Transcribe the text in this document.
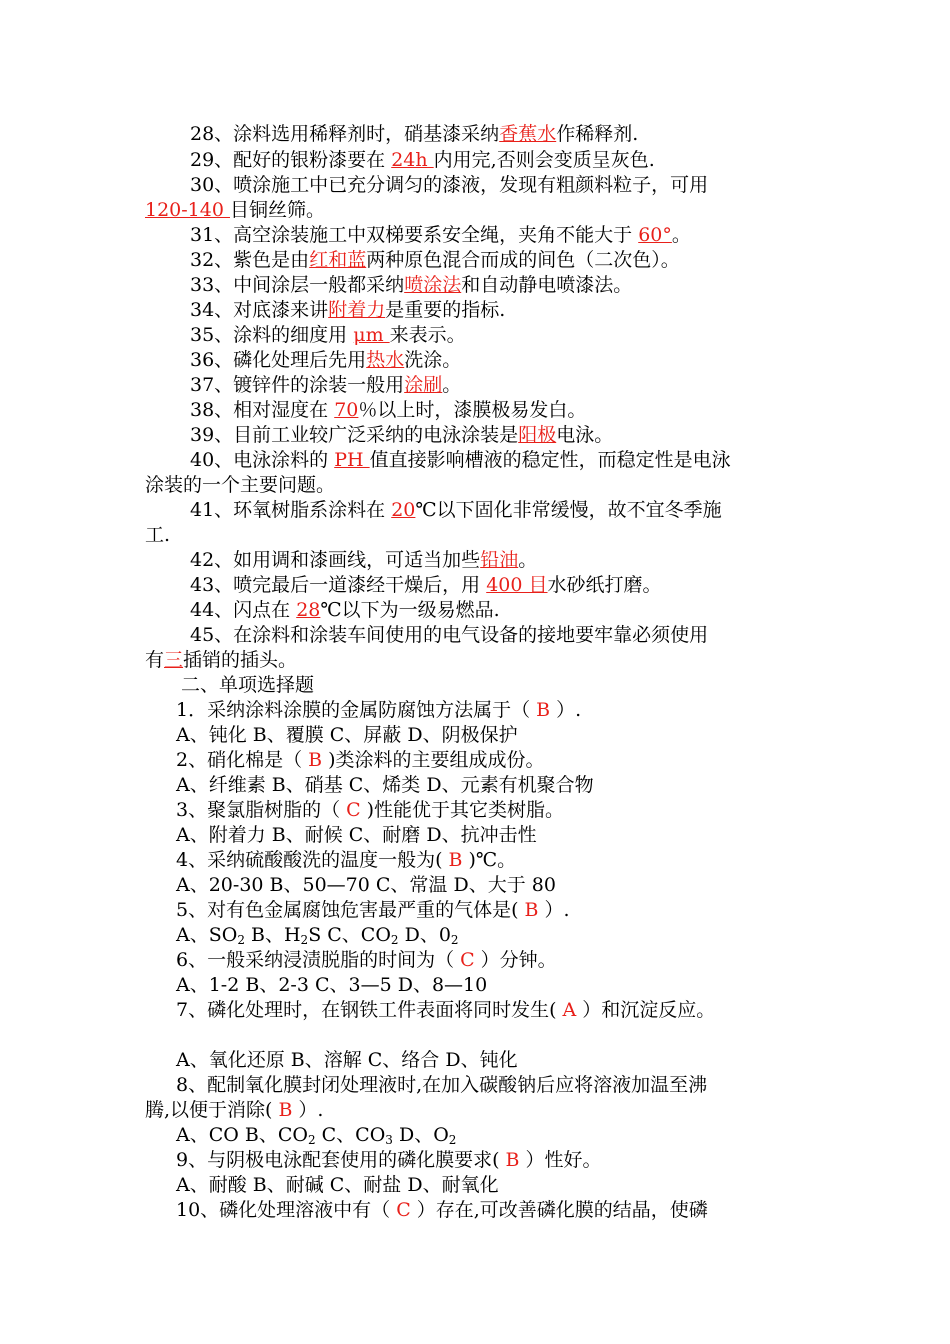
28、涂料选用稀释剂时，硝基漆采纳香蕉水作稀释剂.
29、配好的银粉漆要在 24h 内用完,否则会变质呈灰色.
30、喷涂施工中已充分调匀的漆液，发现有粗颜料粒子，可用
120-140 目铜丝筛。
31、高空涂装施工中双梯要系安全绳，夹角不能大于 60°。
32、紫色是由红和蓝两种原色混合而成的间色（二次色）。
33、中间涂层一般都采纳喷涂法和自动静电喷漆法。
34、对底漆来讲附着力是重要的指标.
35、涂料的细度用 μm 来表示。
36、磷化处理后先用热水洗涂。
37、镀锌件的涂装一般用涂刷。
38、相对湿度在 70％以上时，漆膜极易发白。
39、目前工业较广泛采纳的电泳涂装是阳极电泳。
40、电泳涂料的 PH 值直接影响槽液的稳定性，而稳定性是电泳
涂装的一个主要问题。
41、环氧树脂系涂料在 20℃以下固化非常缓慢，故不宜冬季施
工.
42、如用调和漆画线，可适当加些铅油。
43、喷完最后一道漆经干燥后，用 400 目水砂纸打磨。
44、闪点在 28℃以下为一级易燃品.
45、在涂料和涂装车间使用的电气设备的接地要牢靠必须使用
有三插销的插头。
二、单项选择题
1．采纳涂料涂膜的金属防腐蚀方法属于（ B ）.
A、钝化 B、覆膜 C、屏蔽 D、阴极保护
2、硝化棉是（ B )类涂料的主要组成成份。
A、纤维素 B、硝基 C、烯类 D、元素有机聚合物
3、聚氯脂树脂的（ C )性能优于其它类树脂。
A、附着力 B、耐候 C、耐磨 D、抗冲击性
4、采纳硫酸酸洗的温度一般为( B )℃。
A、20-30 B、50—70 C、常温 D、大于 80
5、对有色金属腐蚀危害最严重的气体是( B ）.
A、$SO_2$ B、$H_2S$ C、$CO_2$ D、$0_2$
6、一般采纳浸渍脱脂的时间为（ C ）分钟。
A、1-2 B、2-3 C、3—5 D、8—10
7、磷化处理时，在钢铁工件表面将同时发生( A ）和沉淀反应。
A、氧化还原 B、溶解 C、络合 D、钝化
8、配制氧化膜封闭处理液时,在加入碳酸钠后应将溶液加温至沸
腾,以便于消除( B ）.
A、CO B、$CO_2$ C、$CO_3$ D、$O_2$
9、与阴极电泳配套使用的磷化膜要求( B ）性好。
A、耐酸 B、耐碱 C、耐盐 D、耐氧化
10、磷化处理溶液中有（ C ）存在,可改善磷化膜的结晶，使磷
